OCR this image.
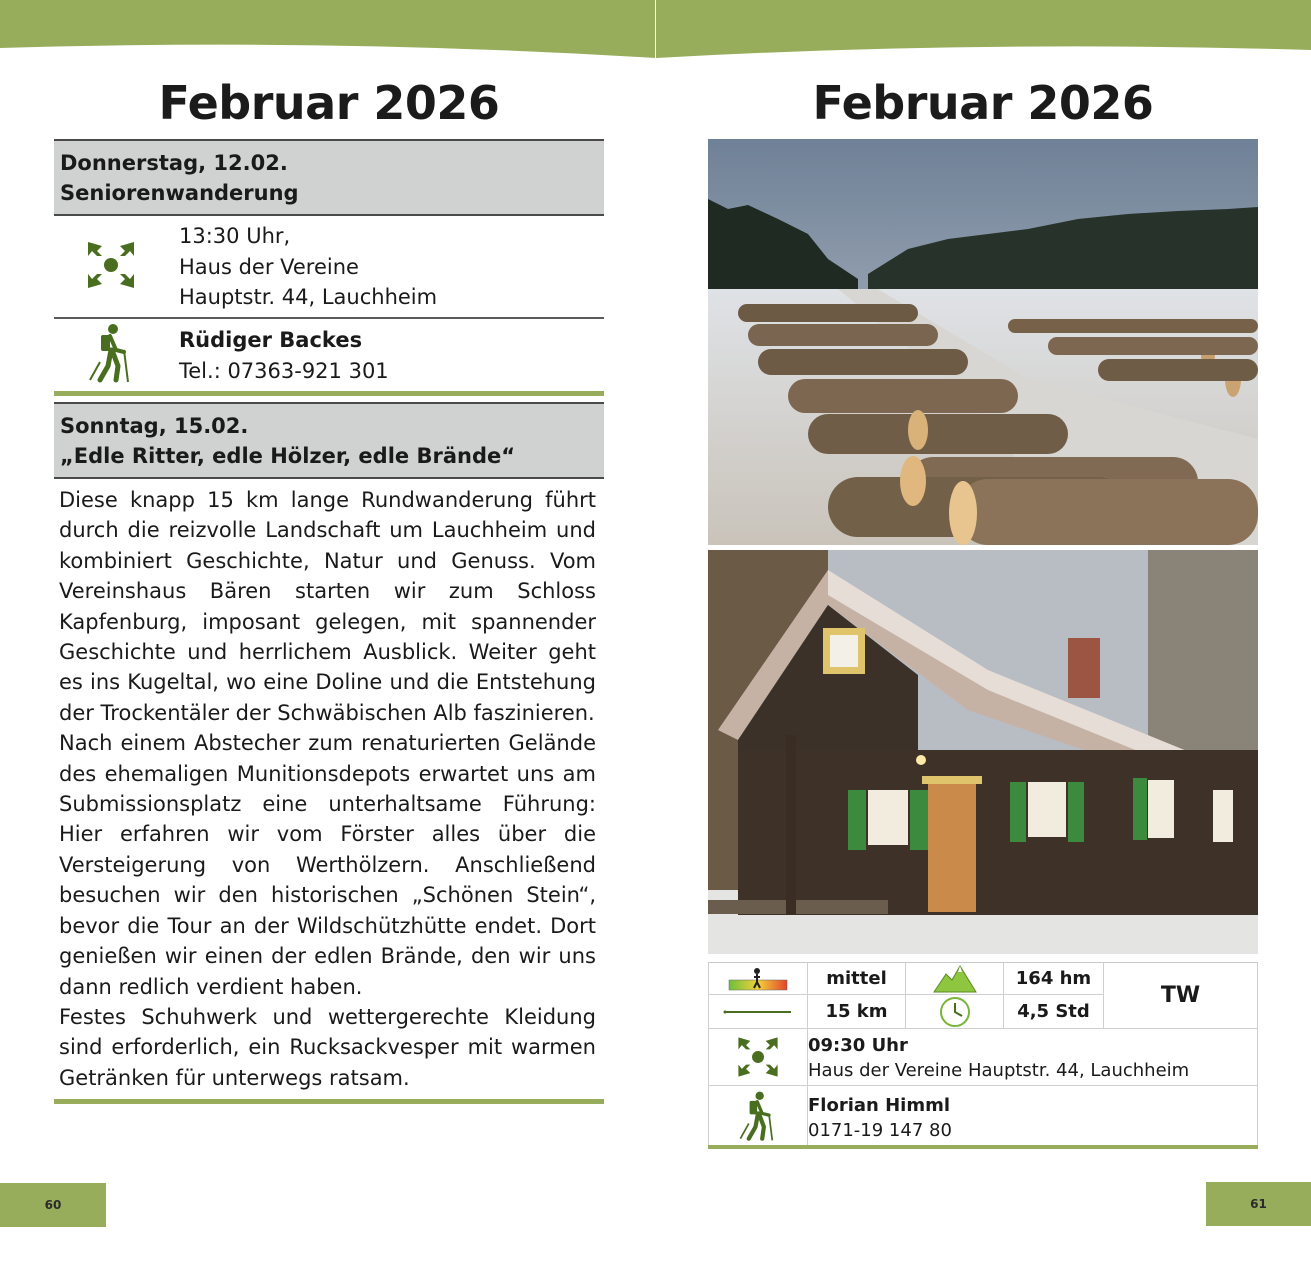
Februar 2026
Donnerstag, 12.02.
Seniorenwanderung
13:30 Uhr,
Haus der Vereine
Hauptstr. 44, Lauchheim
Rüdiger Backes
Tel.: 07363-921 301
Sonntag, 15.02.
„Edle Ritter, edle Hölzer, edle Brände“

Diese knapp 15 km lange Rundwanderung führt durch die reizvolle Landschaft um Lauchheim und kombiniert Geschichte, Natur und Genuss. Vom Vereinshaus Bären starten wir zum Schloss Kapfenburg, imposant gelegen, mit spannender Geschichte und herrlichem Ausblick. Weiter geht es ins Kugeltal, wo eine Doline und die Entstehung der Trockentäler der Schwäbischen Alb faszinieren.

Nach einem Abstecher zum renaturierten Gelände des ehemaligen Munitionsdepots erwartet uns am Submissionsplatz eine unterhaltsame Führung: Hier erfahren wir vom Förster alles über die Versteigerung von Werthölzern. Anschließend besuchen wir den historischen „Schönen Stein“, bevor die Tour an der Wildschützhütte endet. Dort genießen wir einen der edlen Brände, den wir uns dann redlich verdient haben.

Festes Schuhwerk und wettergerechte Kleidung sind erforderlich, ein Rucksackvesper mit warmen Getränken für unterwegs ratsam.

60
Februar 2026
mittel	164 hm
TW
15 km	4,5 Std
09:30 Uhr
Haus der Vereine Hauptstr. 44, Lauchheim
Florian Himml
0171-19 147 80
61
